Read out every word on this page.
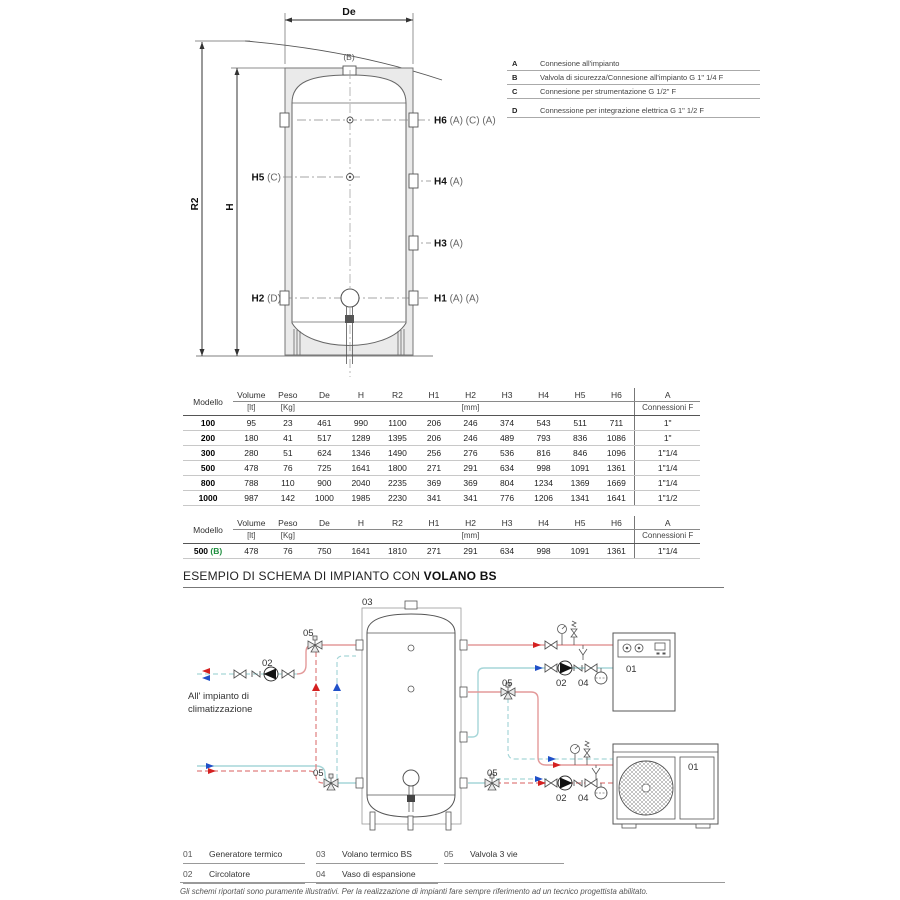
De
R2 H
(B)
H6 (A) (C) (A)
H4 (A)
H3 (A)
H1 (A) (A)
H5 (C)
H2 (D)
A	Connesione all'impianto
B	Valvola di sicurezza/Connesione all'impianto G 1" 1/4 F
C	Connesione per strumentazione G 1/2" F
D	Connessione per integrazione elettrica G 1" 1/2 F
Modello	Volume	Peso	De	H	R2	H1	H2	H3	H4	H5	H6	A
	[lt]	[Kg]					[mm]					Connessioni F
100	95	23	461	990	1100	206	246	374	543	511	711	1"
200	180	41	517	1289	1395	206	246	489	793	836	1086	1"
300	280	51	624	1346	1490	256	276	536	816	846	1096	1"1/4
500	478	76	725	1641	1800	271	291	634	998	1091	1361	1"1/4
800	788	110	900	2040	2235	369	369	804	1234	1369	1669	1"1/4
1000	987	142	1000	1985	2230	341	341	776	1206	1341	1641	1"1/2
Modello	Volume	Peso	De	H	R2	H1	H2	H3	H4	H5	H6	A
	[lt]	[Kg]					[mm]					Connessioni F
500 (B)	478	76	750	1641	1810	271	291	634	998	1091	1361	1"1/4
ESEMPIO DI SCHEMA DI IMPIANTO CON VOLANO BS
03
01
01
02
05
05
05
05
02 04
02 04
All' impianto di
climatizzazione
01	Generatore termico
02	Circolatore
03	Volano termico BS
04	Vaso di espansione
05	Valvola 3 vie
Gli schemi riportati sono puramente illustrativi. Per la realizzazione di impianti fare sempre riferimento ad un tecnico progettista abilitato.
